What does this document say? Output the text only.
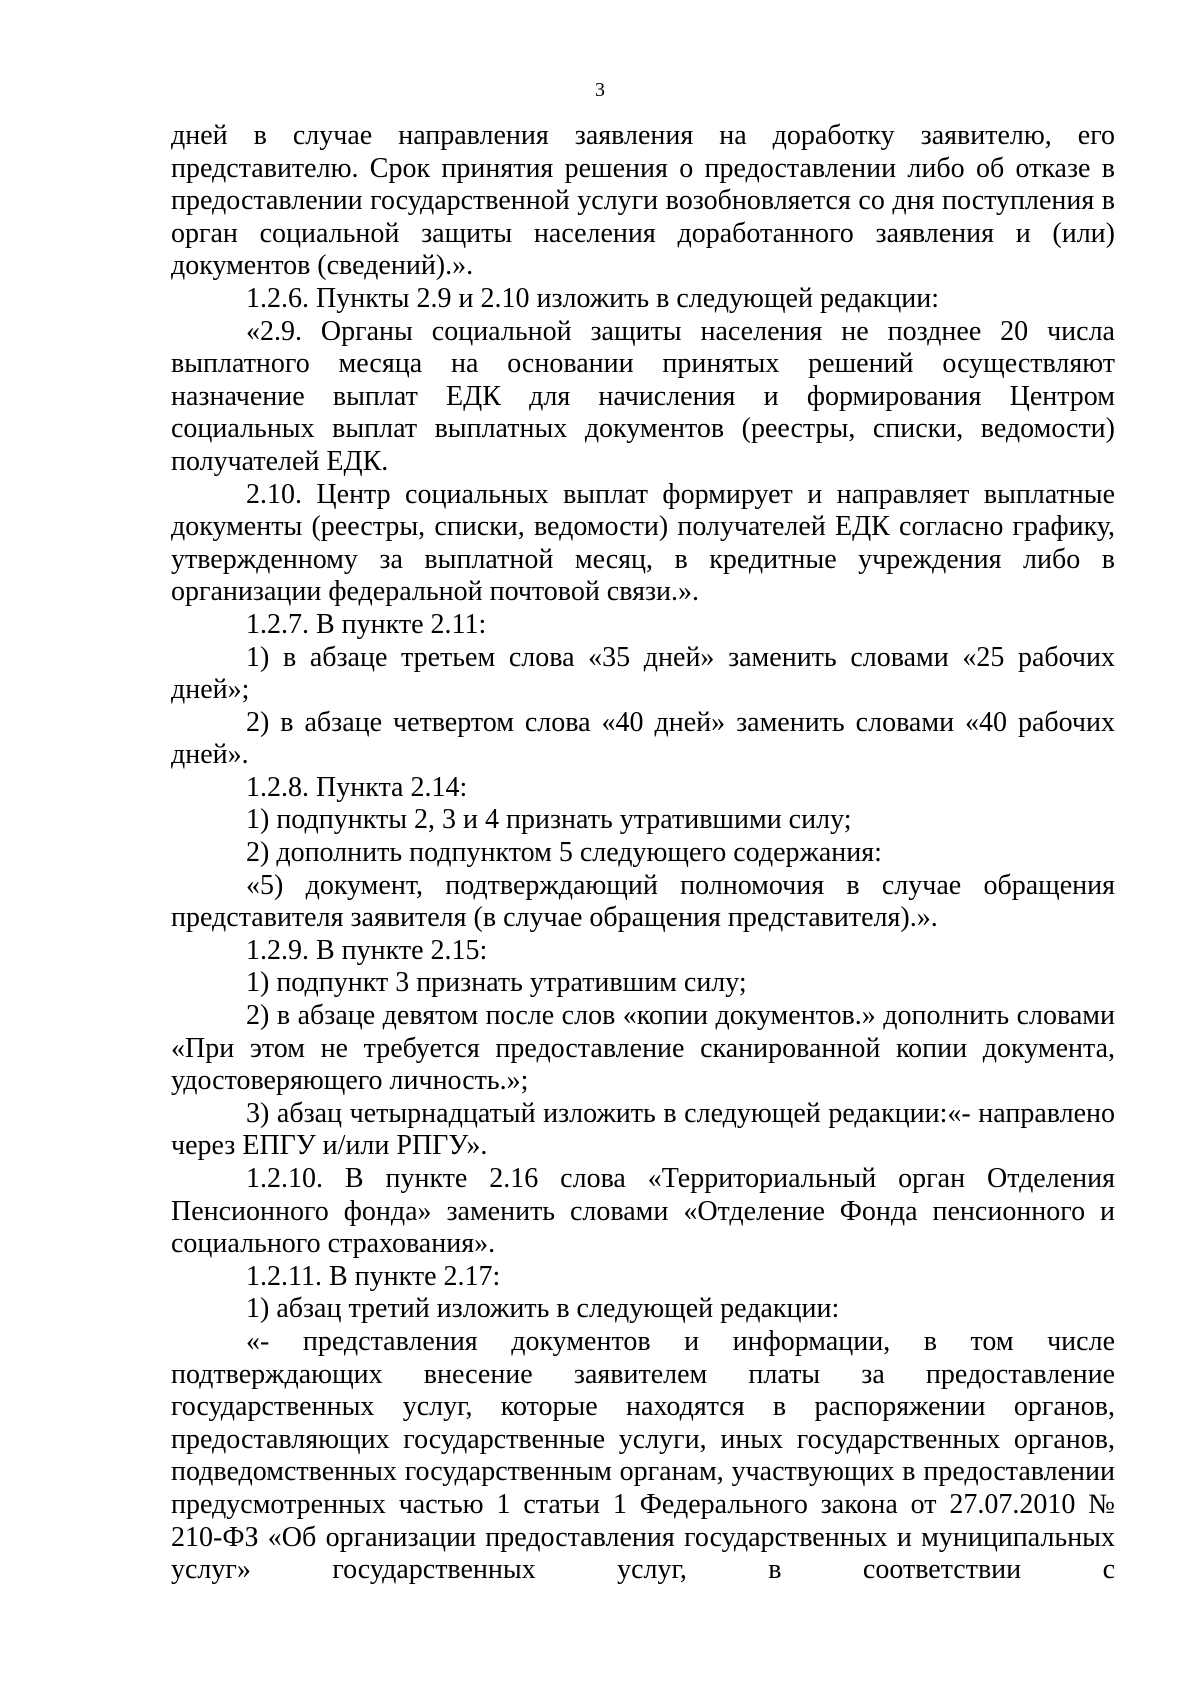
3

дней в случае направления заявления на доработку заявителю, его представителю. Срок принятия решения о предоставлении либо об отказе в предоставлении государственной услуги возобновляется со дня поступления в орган социальной защиты населения доработанного заявления и (или) документов (сведений).».

1.2.6. Пункты 2.9 и 2.10 изложить в следующей редакции:

«2.9. Органы социальной защиты населения не позднее 20 числа выплатного месяца на основании принятых решений осуществляют назначение выплат ЕДК для начисления и формирования Центром социальных выплат выплатных документов (реестры, списки, ведомости) получателей ЕДК.

2.10. Центр социальных выплат формирует и направляет выплатные документы (реестры, списки, ведомости) получателей ЕДК согласно графику, утвержденному за выплатной месяц, в кредитные учреждения либо в организации федеральной почтовой связи.».

1.2.7. В пункте 2.11:

1) в абзаце третьем слова «35 дней» заменить словами «25 рабочих дней»;

2) в абзаце четвертом слова «40 дней» заменить словами «40 рабочих дней».

1.2.8. Пункта 2.14:

1) подпункты 2, 3 и 4 признать утратившими силу;

2) дополнить подпунктом 5 следующего содержания:

«5) документ, подтверждающий полномочия в случае обращения представителя заявителя (в случае обращения представителя).».

1.2.9. В пункте 2.15:

1) подпункт 3 признать утратившим силу;

2) в абзаце девятом после слов «копии документов.» дополнить словами «При этом не требуется предоставление сканированной копии документа, удостоверяющего личность.»;

3) абзац четырнадцатый изложить в следующей редакции:«- направлено через ЕПГУ и/или РПГУ».

1.2.10. В пункте 2.16 слова «Территориальный орган Отделения Пенсионного фонда» заменить словами «Отделение Фонда пенсионного и социального страхования».

1.2.11. В пункте 2.17:

1) абзац третий изложить в следующей редакции:

«- представления документов и информации, в том числе подтверждающих внесение заявителем платы за предоставление государственных услуг, которые находятся в распоряжении органов, предоставляющих государственные услуги, иных государственных органов, подведомственных государственным органам, участвующих в предоставлении предусмотренных частью 1 статьи 1 Федерального закона от 27.07.2010 № 210-ФЗ «Об организации предоставления государственных и муниципальных услуг» государственных услуг, в соответствии с
